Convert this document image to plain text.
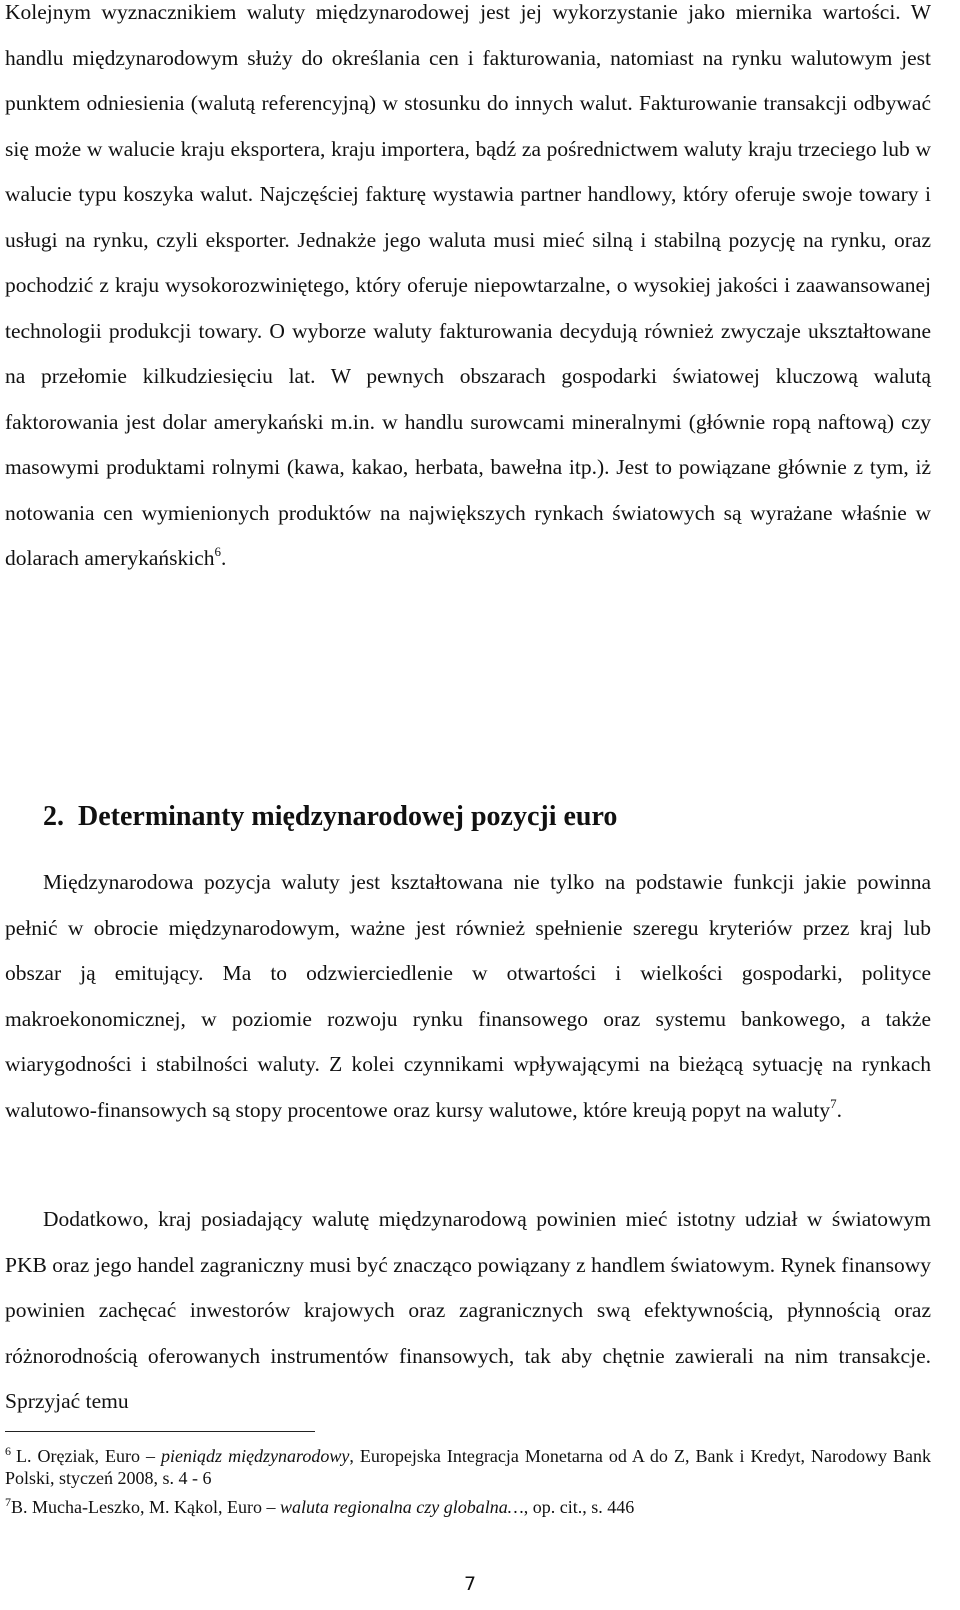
Kolejnym wyznacznikiem waluty międzynarodowej jest jej wykorzystanie jako miernika wartości. W handlu międzynarodowym służy do określania cen i fakturowania, natomiast na rynku walutowym jest punktem odniesienia (walutą referencyjną) w stosunku do innych walut. Fakturowanie transakcji odbywać się może w walucie kraju eksportera, kraju importera, bądź za pośrednictwem waluty kraju trzeciego lub w walucie typu koszyka walut. Najczęściej fakturę wystawia partner handlowy, który oferuje swoje towary i usługi na rynku, czyli eksporter. Jednakże jego waluta musi mieć silną i stabilną pozycję na rynku, oraz pochodzić z kraju wysokorozwiniętego, który oferuje niepowtarzalne, o wysokiej jakości i zaawansowanej technologii produkcji towary. O wyborze waluty fakturowania decydują również zwyczaje ukształtowane na przełomie kilkudziesięciu lat. W pewnych obszarach gospodarki światowej kluczową walutą faktorowania jest dolar amerykański m.in. w handlu surowcami mineralnymi (głównie ropą naftową) czy masowymi produktami rolnymi (kawa, kakao, herbata, bawełna itp.). Jest to powiązane głównie z tym, iż notowania cen wymienionych produktów na największych rynkach światowych są wyrażane właśnie w dolarach amerykańskich$^6$.

2. Determinanty międzynarodowej pozycji euro

Międzynarodowa pozycja waluty jest kształtowana nie tylko na podstawie funkcji jakie powinna pełnić w obrocie międzynarodowym, ważne jest również spełnienie szeregu kryteriów przez kraj lub obszar ją emitujący. Ma to odzwierciedlenie w otwartości i wielkości gospodarki, polityce makroekonomicznej, w poziomie rozwoju rynku finansowego oraz systemu bankowego, a także wiarygodności i stabilności waluty. Z kolei czynnikami wpływającymi na bieżącą sytuację na rynkach walutowo-finansowych są stopy procentowe oraz kursy walutowe, które kreują popyt na waluty$^7$.

Dodatkowo, kraj posiadający walutę międzynarodową powinien mieć istotny udział w światowym PKB oraz jego handel zagraniczny musi być znacząco powiązany z handlem światowym. Rynek finansowy powinien zachęcać inwestorów krajowych oraz zagranicznych swą efektywnością, płynnością oraz różnorodnością oferowanych instrumentów finansowych, tak aby chętnie zawierali na nim transakcje. Sprzyjać temu

$^6$ L. Oręziak, Euro – pieniądz międzynarodowy, Europejska Integracja Monetarna od A do Z, Bank i Kredyt, Narodowy Bank Polski, styczeń 2008, s. 4 - 6

$^7$B. Mucha-Leszko, M. Kąkol, Euro – waluta regionalna czy globalna…, op. cit., s. 446

7
